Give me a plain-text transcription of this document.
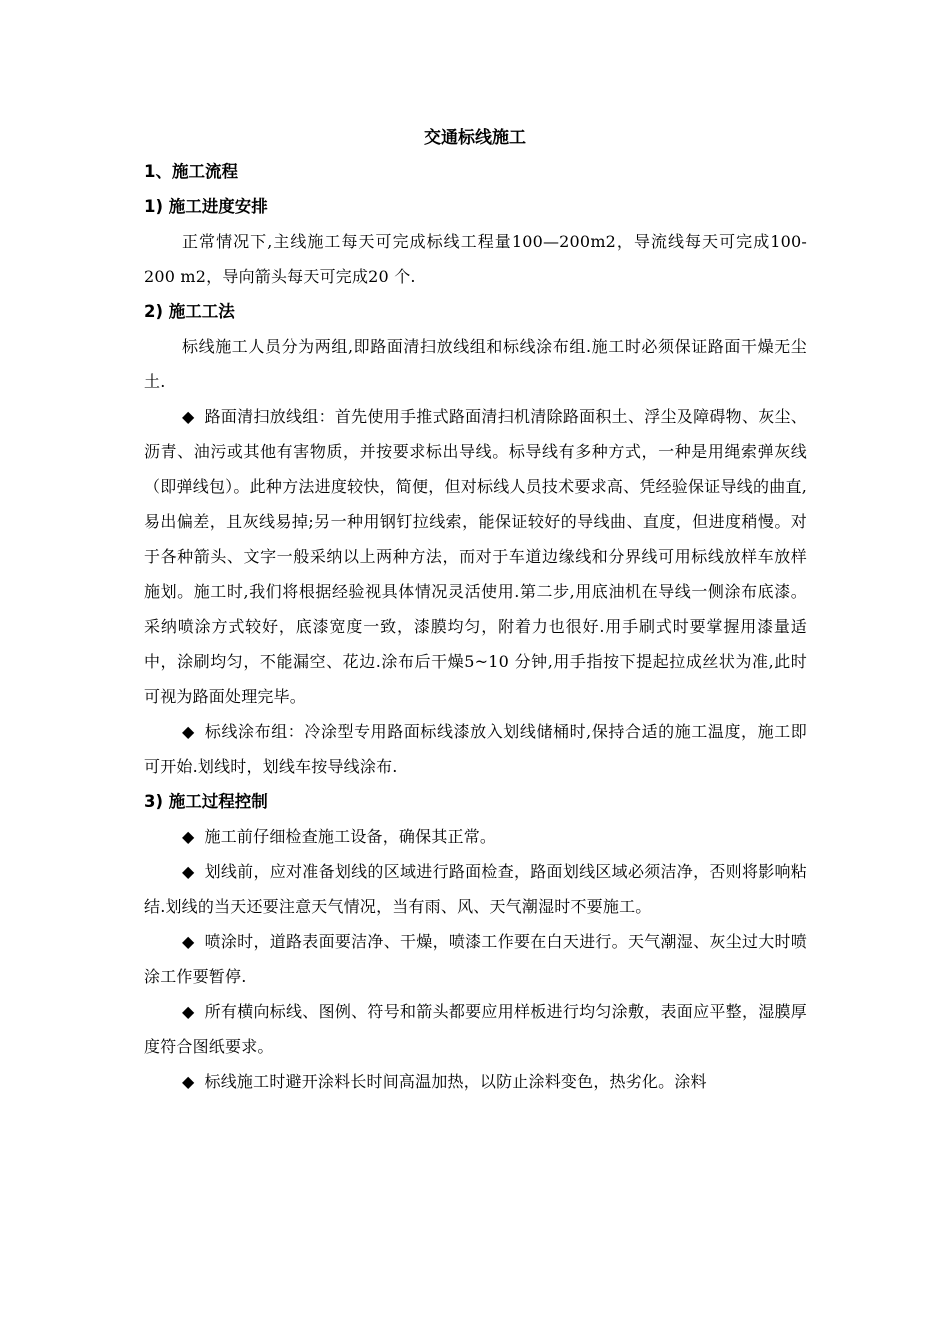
交通标线施工
1、施工流程
1) 施工进度安排
正常情况下,主线施工每天可完成标线工程量100—200m2，导流线每天可完成100-200 m2，导向箭头每天可完成20 个.
2) 施工工法
标线施工人员分为两组,即路面清扫放线组和标线涂布组.施工时必须保证路面干燥无尘土.
◆ 路面清扫放线组：首先使用手推式路面清扫机清除路面积土、浮尘及障碍物、灰尘、沥青、油污或其他有害物质，并按要求标出导线。标导线有多种方式，一种是用绳索弹灰线（即弹线包）。此种方法进度较快，简便，但对标线人员技术要求高、凭经验保证导线的曲直,易出偏差，且灰线易掉;另一种用钢钉拉线索，能保证较好的导线曲、直度，但进度稍慢。对于各种箭头、文字一般采纳以上两种方法，而对于车道边缘线和分界线可用标线放样车放样施划。施工时,我们将根据经验视具体情况灵活使用.第二步,用底油机在导线一侧涂布底漆。采纳喷涂方式较好，底漆宽度一致，漆膜均匀，附着力也很好.用手刷式时要掌握用漆量适中，涂刷均匀，不能漏空、花边.涂布后干燥5~10 分钟,用手指按下提起拉成丝状为准,此时可视为路面处理完毕。
◆ 标线涂布组：冷涂型专用路面标线漆放入划线储桶时,保持合适的施工温度，施工即可开始.划线时，划线车按导线涂布.
3) 施工过程控制
◆ 施工前仔细检查施工设备，确保其正常。
◆ 划线前，应对准备划线的区域进行路面检查，路面划线区域必须洁净，否则将影响粘结.划线的当天还要注意天气情况，当有雨、风、天气潮湿时不要施工。
◆ 喷涂时，道路表面要洁净、干燥，喷漆工作要在白天进行。天气潮湿、灰尘过大时喷涂工作要暂停.
◆ 所有横向标线、图例、符号和箭头都要应用样板进行均匀涂敷，表面应平整，湿膜厚度符合图纸要求。
◆ 标线施工时避开涂料长时间高温加热，以防止涂料变色，热劣化。涂料
